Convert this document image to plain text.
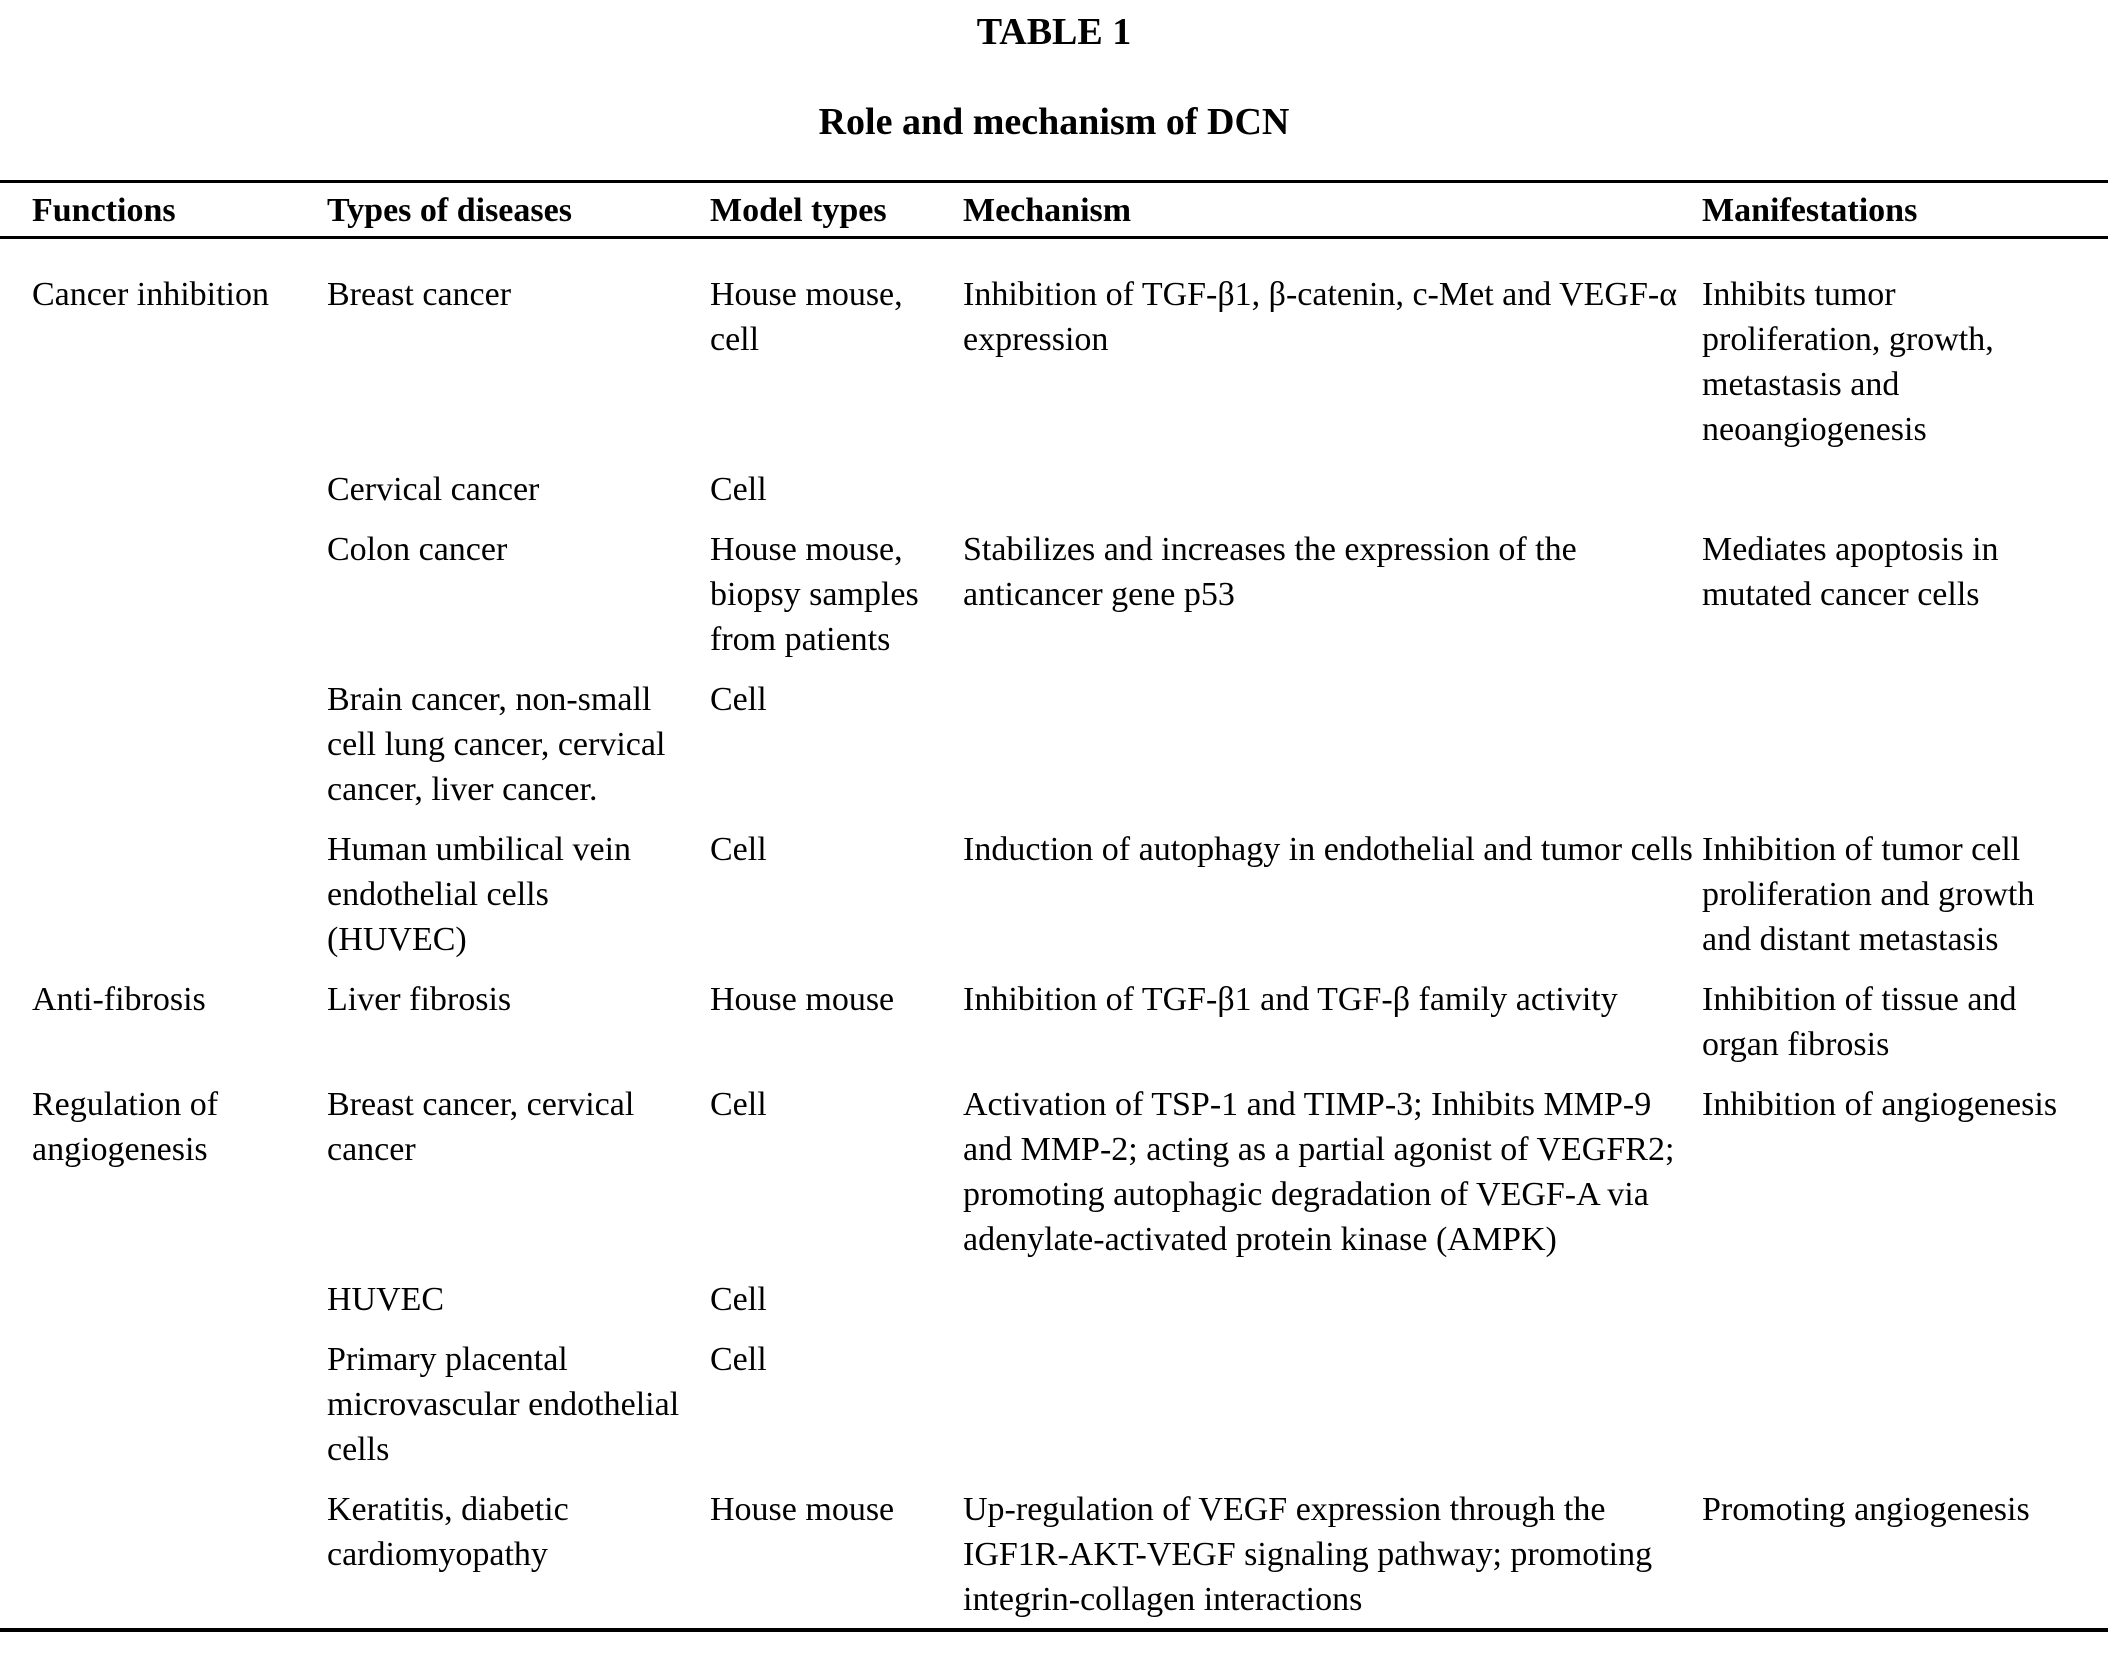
TABLE 1
Role and mechanism of DCN
Functions	Types of diseases	Model types	Mechanism	Manifestations
Cancer inhibition	Breast cancer	House mouse, cell	Inhibition of TGF-β1, β-catenin, c-Met and VEGF-α expression	Inhibits tumor proliferation, growth, metastasis and neoangiogenesis
	Cervical cancer	Cell		
	Colon cancer	House mouse, biopsy samples from patients	Stabilizes and increases the expression of the anticancer gene p53	Mediates apoptosis in mutated cancer cells
	Brain cancer, non-small cell lung cancer, cervical cancer, liver cancer.	Cell		
	Human umbilical vein endothelial cells (HUVEC)	Cell	Induction of autophagy in endothelial and tumor cells	Inhibition of tumor cell proliferation and growth and distant metastasis
Anti-fibrosis	Liver fibrosis	House mouse	Inhibition of TGF-β1 and TGF-β family activity	Inhibition of tissue and organ fibrosis
Regulation of angiogenesis	Breast cancer, cervical cancer	Cell	Activation of TSP-1 and TIMP-3; Inhibits MMP-9 and MMP-2; acting as a partial agonist of VEGFR2; promoting autophagic degradation of VEGF-A via adenylate-activated protein kinase (AMPK)	Inhibition of angiogenesis
	HUVEC	Cell		
	Primary placental microvascular endothelial cells	Cell		
	Keratitis, diabetic cardiomyopathy	House mouse	Up-regulation of VEGF expression through the IGF1R-AKT-VEGF signaling pathway; promoting integrin-collagen interactions	Promoting angiogenesis
